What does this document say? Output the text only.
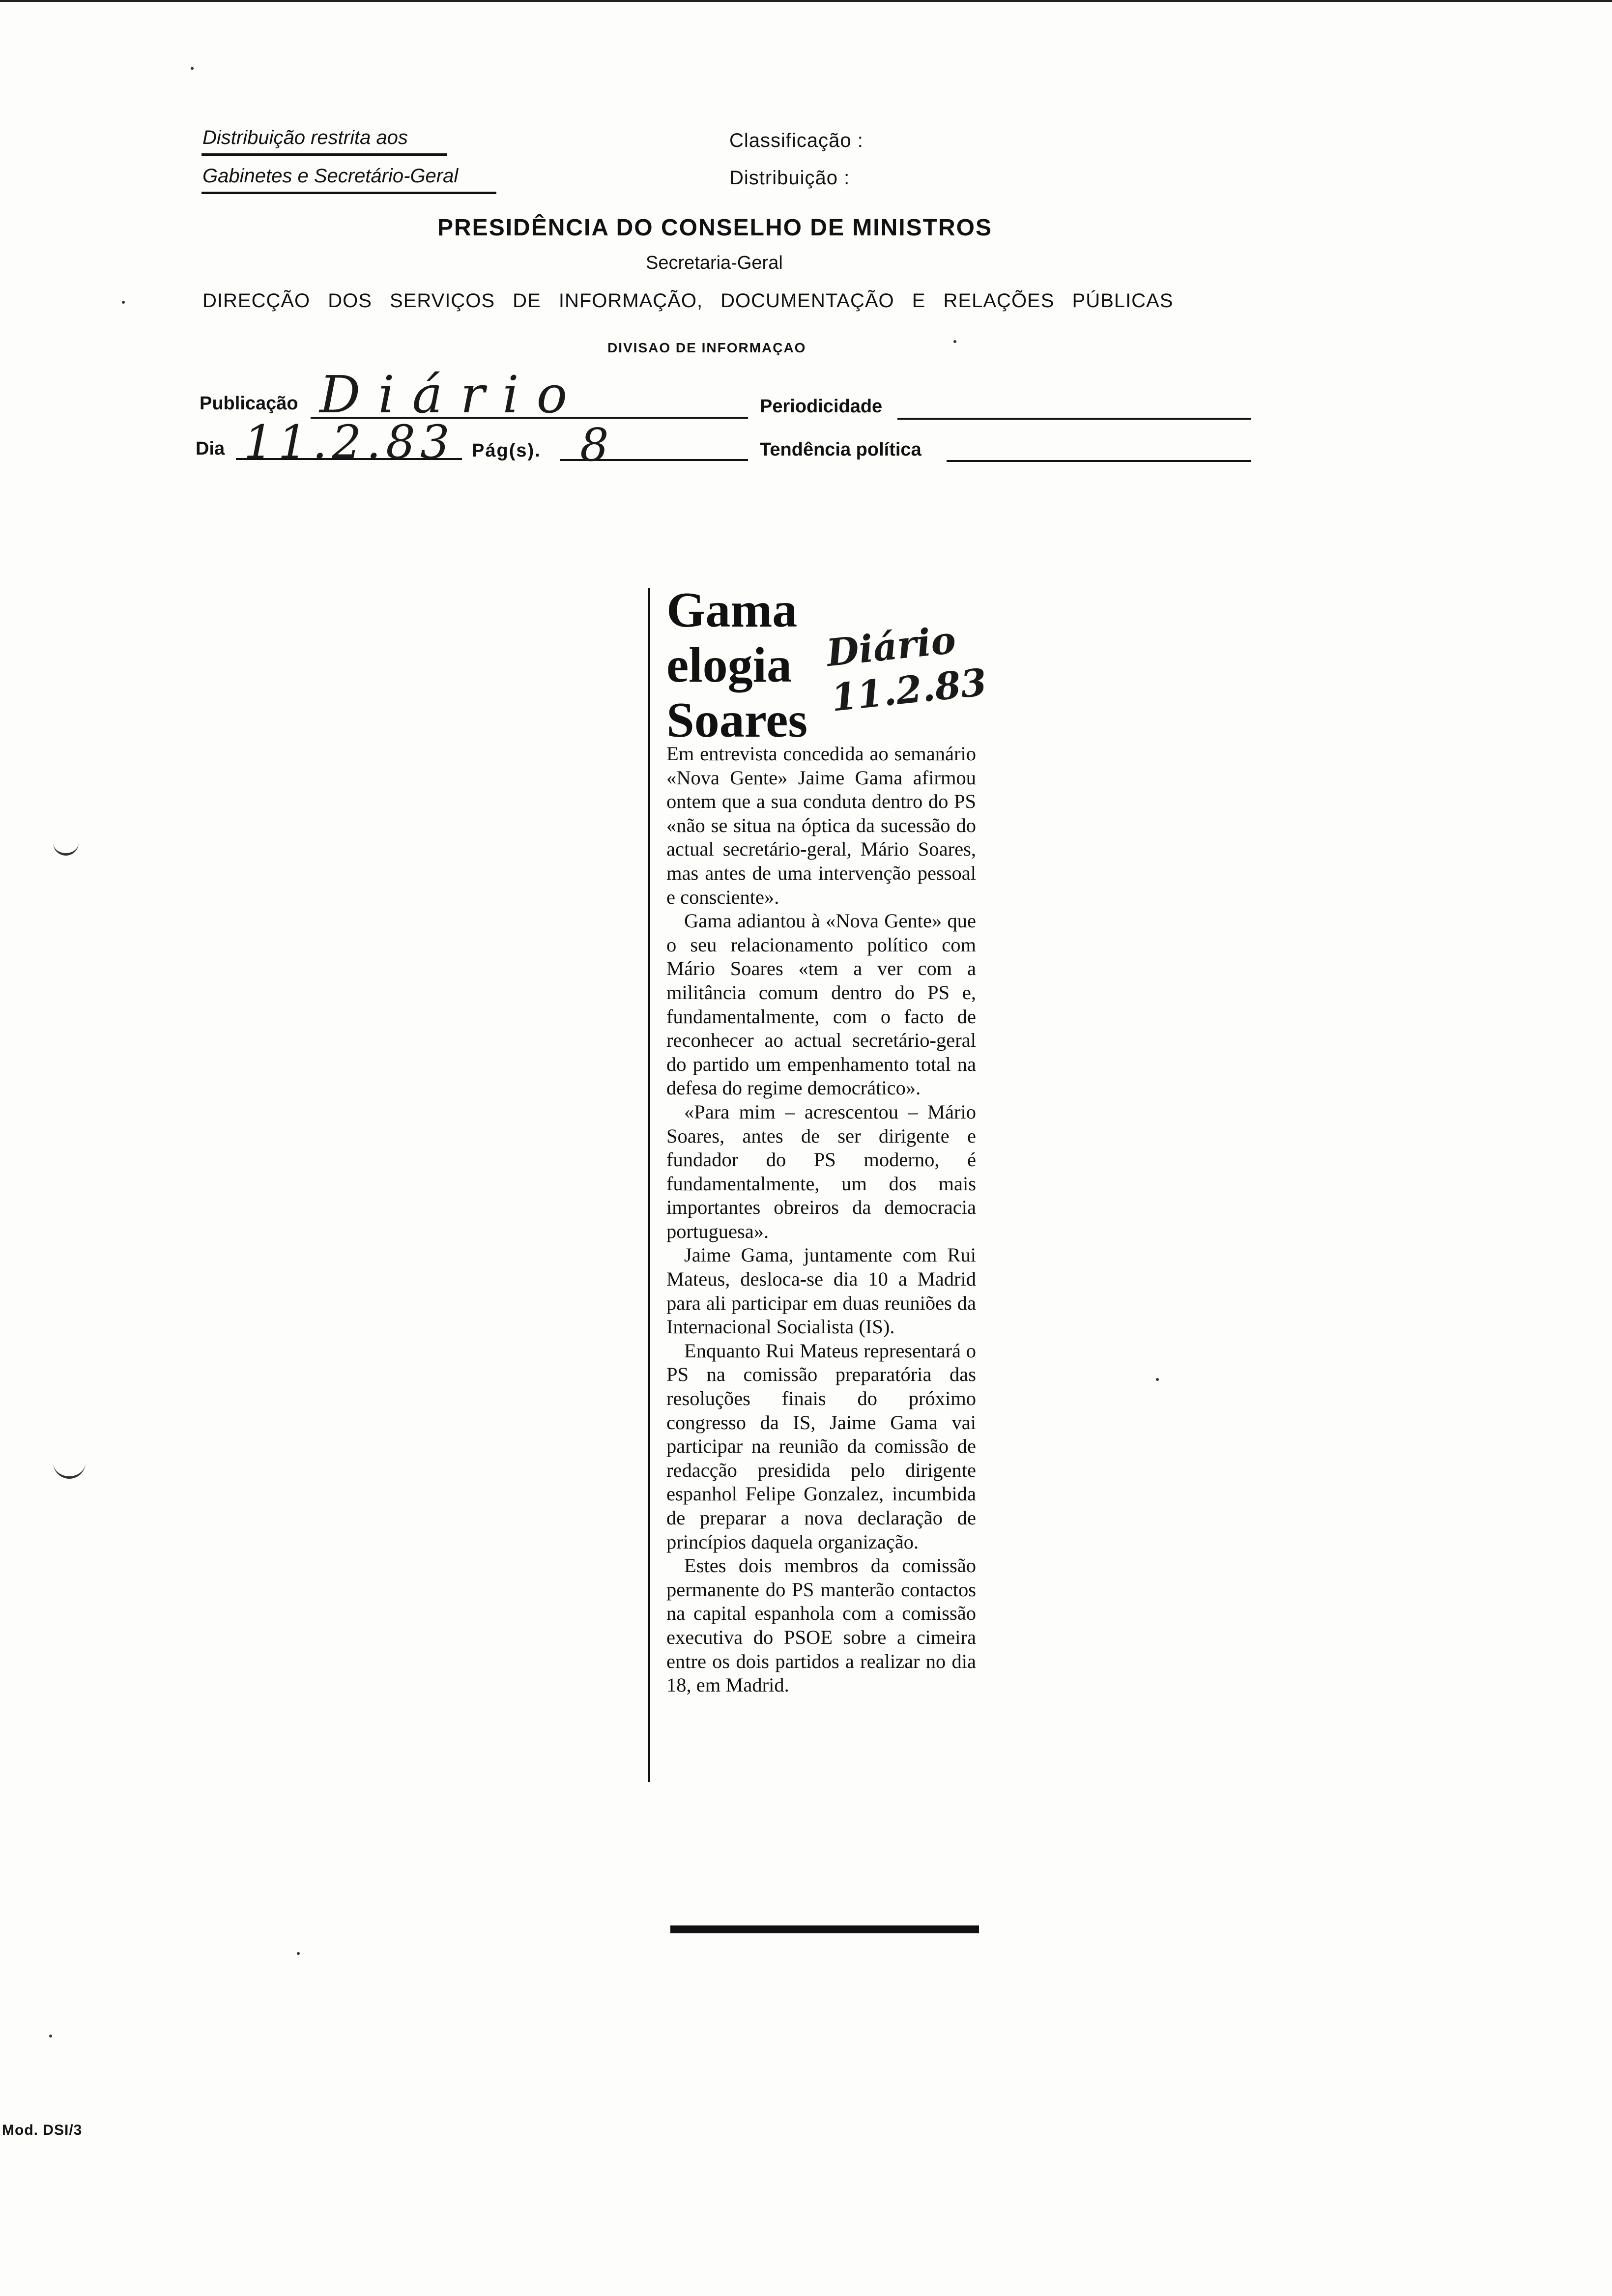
Distribuição restrita aos
Gabinetes e Secretário-Geral
Classificação :
Distribuição :
PRESIDÊNCIA DO CONSELHO DE MINISTROS
Secretaria-Geral
DIRECÇÃO DOS SERVIÇOS DE INFORMAÇÃO, DOCUMENTAÇÃO E RELAÇÕES PÚBLICAS
DIVISAO DE INFORMAÇAO
Publicação Diário	Periodicidade
Dia 11.2.83 Pág(s). 8	Tendência política

Gama

elogia

Soares

Diário 11.2.83

Em entrevista concedida ao semanário «Nova Gente» Jaime Gama afirmou ontem que a sua conduta dentro do PS «não se situa na óptica da sucessão do actual secretário-geral, Mário Soares, mas antes de uma intervenção pessoal e consciente».

Gama adiantou à «Nova Gente» que o seu relacionamento político com Mário Soares «tem a ver com a militância comum dentro do PS e, fundamentalmente, com o facto de reconhecer ao actual secretário-geral do partido um empenhamento total na defesa do regime democrático».

«Para mim – acrescentou – Mário Soares, antes de ser dirigente e fundador do PS moderno, é fundamentalmente, um dos mais importantes obreiros da democracia portuguesa».

Jaime Gama, juntamente com Rui Mateus, desloca-se dia 10 a Madrid para ali participar em duas reuniões da Internacional Socialista (IS).

Enquanto Rui Mateus representará o PS na comissão preparatória das resoluções finais do próximo congresso da IS, Jaime Gama vai participar na reunião da comissão de redacção presidida pelo dirigente espanhol Felipe Gonzalez, incumbida de preparar a nova declaração de princípios daquela organização.

Estes dois membros da comissão permanente do PS manterão contactos na capital espanhola com a comissão executiva do PSOE sobre a cimeira entre os dois partidos a realizar no dia 18, em Madrid.

Mod. DSI/3
